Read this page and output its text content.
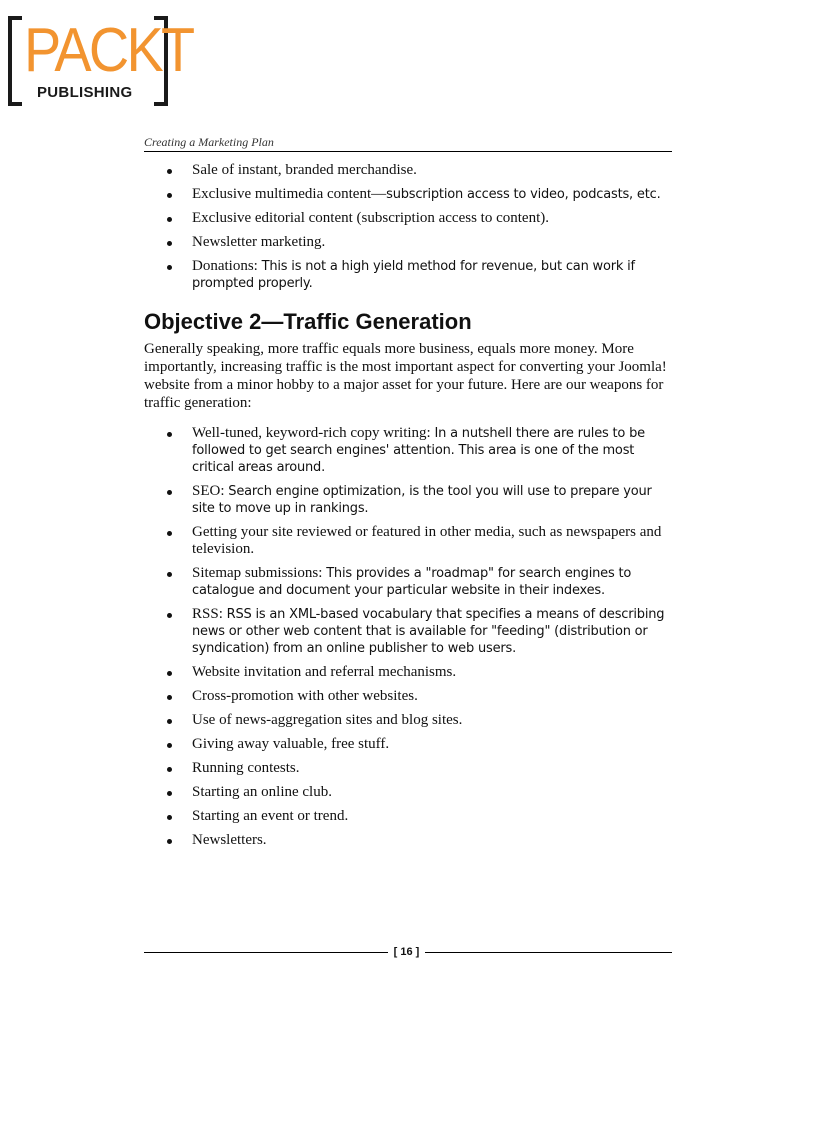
PACKT
PUBLISHING
Creating a Marketing Plan
Sale of instant, branded merchandise.
Exclusive multimedia content—subscription access to video, podcasts, etc.
Exclusive editorial content (subscription access to content).
Newsletter marketing.
Donations: This is not a high yield method for revenue, but can work if prompted properly.
Objective 2—Traffic Generation

Generally speaking, more traffic equals more business, equals more money. More importantly, increasing traffic is the most important aspect for converting your Joomla! website from a minor hobby to a major asset for your future. Here are our weapons for traffic generation:

Well-tuned, keyword-rich copy writing: In a nutshell there are rules to be followed to get search engines' attention. This area is one of the most critical areas around.
SEO: Search engine optimization, is the tool you will use to prepare your site to move up in rankings.
Getting your site reviewed or featured in other media, such as newspapers and television.
Sitemap submissions: This provides a "roadmap" for search engines to catalogue and document your particular website in their indexes.
RSS: RSS is an XML-based vocabulary that specifies a means of describing news or other web content that is available for "feeding" (distribution or syndication) from an online publisher to web users.
Website invitation and referral mechanisms.
Cross-promotion with other websites.
Use of news-aggregation sites and blog sites.
Giving away valuable, free stuff.
Running contests.
Starting an online club.
Starting an event or trend.
Newsletters.
[ 16 ]
